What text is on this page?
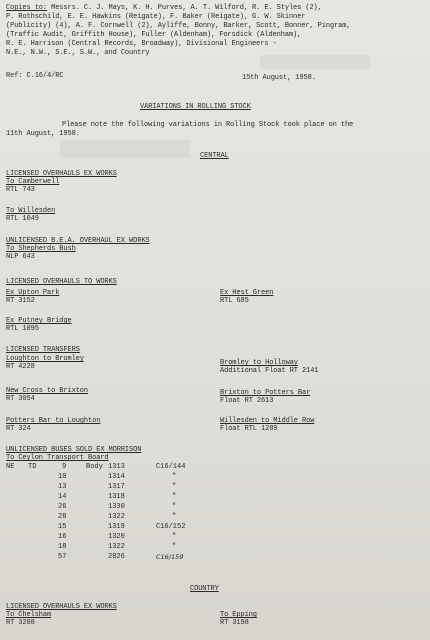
Copies to: Messrs. C. J. Mays, K. H. Purves, A. T. Wilford, R. E. Styles (2),
P. Rothschild, E. E. Hawkins (Reigate), F. Baker (Reigate), G. W. Skinner
(Publicity) (4), A. F. Cornwell (2), Ayliffe, Bonny, Barker, Scott, Bonner, Pingram,
(Traffic Audit, Griffith House), Fuller (Aldenham), Forsdick (Aldenham),
R. E. Harrison (Central Records, Broadway), Divisional Engineers -
N.E., N.W., S.E., S.W., and Country
Ref: C.16/4/RC	15th August, 1958.
VARIATIONS IN ROLLING STOCK
Please note the following variations in Rolling Stock took place on the
11th August, 1958.
CENTRAL
LICENSED OVERHAULS EX WORKS
To Camberwell
RTL 743
To Willesden
RTL 1049
UNLICENSED B.E.A. OVERHAUL EX WORKS
To Shepherds Bush
NLP 643
LICENSED OVERHAULS TO WORKS
Ex Upton Park
RT 3152
Ex Hest Green
RTL 685
Ex Putney Bridge
RTL 1095
LICENSED TRANSFERS
Loughton to Bromley
RT 4228	Bromley to Holloway
Additional Float RT 2141
New Cross to Brixton
RT 3054
Brixton to Potters Bar
Float RT 2613
Potters Bar to Loughton
RT 324
Willesden to Middle Row
Float RTL 1289
UNLICENSED BUSES SOLD EX MORRISON
To Ceylon Transport Board
NE TD	9	Body 1313	C16/144
10	1314	"
13	1317	"
14	1318	"
26	1330	"
28	1322	"
15	1319	C16/152
16	1320	"
18	1322	"
57	2826	C16/159
COUNTRY
LICENSED OVERHAULS EX WORKS
To Chelsham
RT 3208
To Epping
RT 3198
